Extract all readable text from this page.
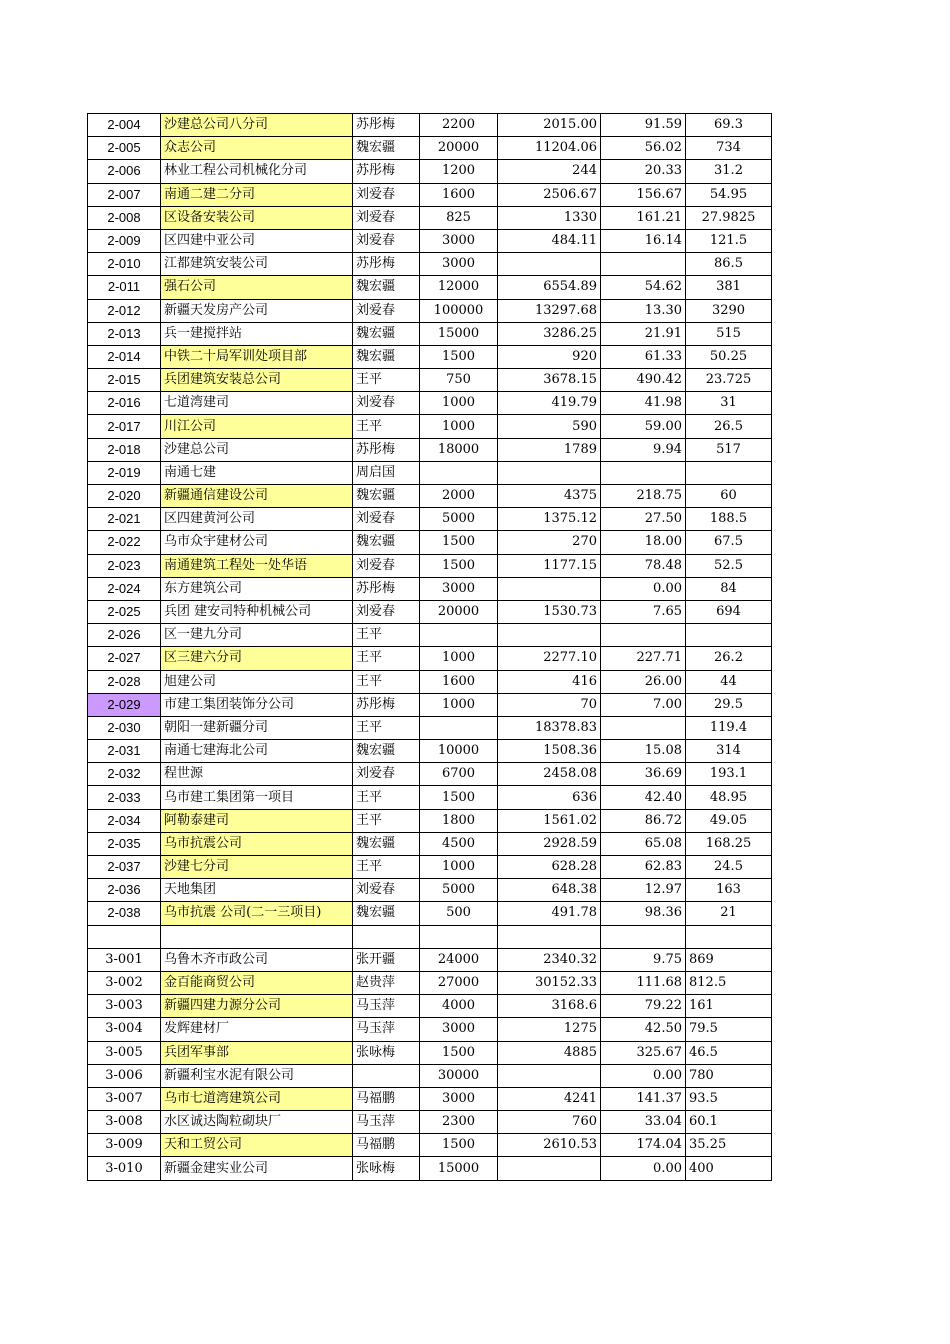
2-004	沙建总公司八分司	苏彤梅	2200	2015.00	91.59	69.3
2-005	众志公司	魏宏疆	20000	11204.06	56.02	734
2-006	林业工程公司机械化分司	苏彤梅	1200	244	20.33	31.2
2-007	南通二建二分司	刘爱春	1600	2506.67	156.67	54.95
2-008	区设备安装公司	刘爱春	825	1330	161.21	27.9825
2-009	区四建中亚公司	刘爱春	3000	484.11	16.14	121.5
2-010	江都建筑安装公司	苏彤梅	3000			86.5
2-011	强石公司	魏宏疆	12000	6554.89	54.62	381
2-012	新疆天发房产公司	刘爱春	100000	13297.68	13.30	3290
2-013	兵一建搅拌站	魏宏疆	15000	3286.25	21.91	515
2-014	中铁二十局军训处项目部	魏宏疆	1500	920	61.33	50.25
2-015	兵团建筑安装总公司	王平	750	3678.15	490.42	23.725
2-016	七道湾建司	刘爱春	1000	419.79	41.98	31
2-017	川江公司	王平	1000	590	59.00	26.5
2-018	沙建总公司	苏彤梅	18000	1789	9.94	517
2-019	南通七建	周启国				
2-020	新疆通信建设公司	魏宏疆	2000	4375	218.75	60
2-021	区四建黄河公司	刘爱春	5000	1375.12	27.50	188.5
2-022	乌市众宇建材公司	魏宏疆	1500	270	18.00	67.5
2-023	南通建筑工程处一处华语	刘爱春	1500	1177.15	78.48	52.5
2-024	东方建筑公司	苏彤梅	3000		0.00	84
2-025	兵团 建安司特种机械公司	刘爱春	20000	1530.73	7.65	694
2-026	区一建九分司	王平				
2-027	区三建六分司	王平	1000	2277.10	227.71	26.2
2-028	旭建公司	王平	1600	416	26.00	44
2-029	市建工集团装饰分公司	苏彤梅	1000	70	7.00	29.5
2-030	朝阳一建新疆分司	王平		18378.83		119.4
2-031	南通七建海北公司	魏宏疆	10000	1508.36	15.08	314
2-032	程世源	刘爱春	6700	2458.08	36.69	193.1
2-033	乌市建工集团第一项目	王平	1500	636	42.40	48.95
2-034	阿勒泰建司	王平	1800	1561.02	86.72	49.05
2-035	乌市抗震公司	魏宏疆	4500	2928.59	65.08	168.25
2-037	沙建七分司	王平	1000	628.28	62.83	24.5
2-036	天地集团	刘爱春	5000	648.38	12.97	163
2-038	乌市抗震 公司(二一三项目)	魏宏疆	500	491.78	98.36	21

3-001	乌鲁木齐市政公司	张开疆	24000	2340.32	9.75	869
3-002	金百能商贸公司	赵贵萍	27000	30152.33	111.68	812.5
3-003	新疆四建力源分公司	马玉萍	4000	3168.6	79.22	161
3-004	发辉建材厂	马玉萍	3000	1275	42.50	79.5
3-005	兵团军事部	张咏梅	1500	4885	325.67	46.5
3-006	新疆利宝水泥有限公司		30000		0.00	780
3-007	乌市七道湾建筑公司	马福鹏	3000	4241	141.37	93.5
3-008	水区诚达陶粒砌块厂	马玉萍	2300	760	33.04	60.1
3-009	天和工贸公司	马福鹏	1500	2610.53	174.04	35.25
3-010	新疆金建实业公司	张咏梅	15000		0.00	400
